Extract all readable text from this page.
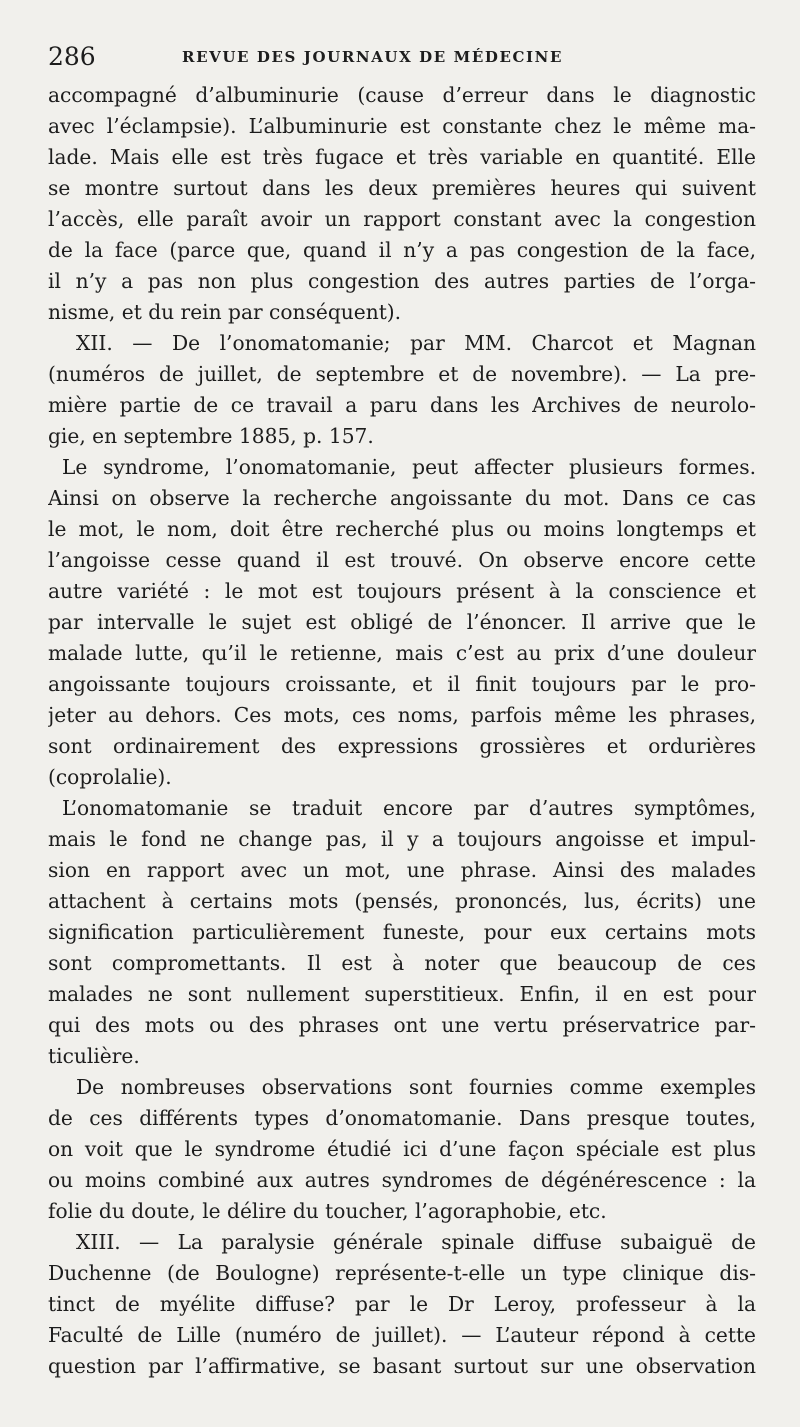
286	REVUE DES JOURNAUX DE MÉDECINE
accompagné d’albuminurie (cause d’erreur dans le diagnostic
avec l’éclampsie). L’albuminurie est constante chez le même ma-
lade. Mais elle est très fugace et très variable en quantité. Elle
se montre surtout dans les deux premières heures qui suivent
l’accès, elle paraît avoir un rapport constant avec la congestion
de la face (parce que, quand il n’y a pas congestion de la face,
il n’y a pas non plus congestion des autres parties de l’orga-
nisme, et du rein par conséquent).
XII. — De l’onomatomanie; par MM. Charcot et Magnan
(numéros de juillet, de septembre et de novembre). — La pre-
mière partie de ce travail a paru dans les Archives de neurolo-
gie, en septembre 1885, p. 157.
Le syndrome, l’onomatomanie, peut affecter plusieurs formes.
Ainsi on observe la recherche angoissante du mot. Dans ce cas
le mot, le nom, doit être recherché plus ou moins longtemps et
l’angoisse cesse quand il est trouvé. On observe encore cette
autre variété : le mot est toujours présent à la conscience et
par intervalle le sujet est obligé de l’énoncer. Il arrive que le
malade lutte, qu’il le retienne, mais c’est au prix d’une douleur
angoissante toujours croissante, et il finit toujours par le pro-
jeter au dehors. Ces mots, ces noms, parfois même les phrases,
sont ordinairement des expressions grossières et ordurières
(coprolalie).
L’onomatomanie se traduit encore par d’autres symptômes,
mais le fond ne change pas, il y a toujours angoisse et impul-
sion en rapport avec un mot, une phrase. Ainsi des malades
attachent à certains mots (pensés, prononcés, lus, écrits) une
signification particulièrement funeste, pour eux certains mots
sont compromettants. Il est à noter que beaucoup de ces
malades ne sont nullement superstitieux. Enfin, il en est pour
qui des mots ou des phrases ont une vertu préservatrice par-
ticulière.
De nombreuses observations sont fournies comme exemples
de ces différents types d’onomatomanie. Dans presque toutes,
on voit que le syndrome étudié ici d’une façon spéciale est plus
ou moins combiné aux autres syndromes de dégénérescence : la
folie du doute, le délire du toucher, l’agoraphobie, etc.
XIII. — La paralysie générale spinale diffuse subaiguë de
Duchenne (de Boulogne) représente-t-elle un type clinique dis-
tinct de myélite diffuse? par le Dr Leroy, professeur à la
Faculté de Lille (numéro de juillet). — L’auteur répond à cette
question par l’affirmative, se basant surtout sur une observation
